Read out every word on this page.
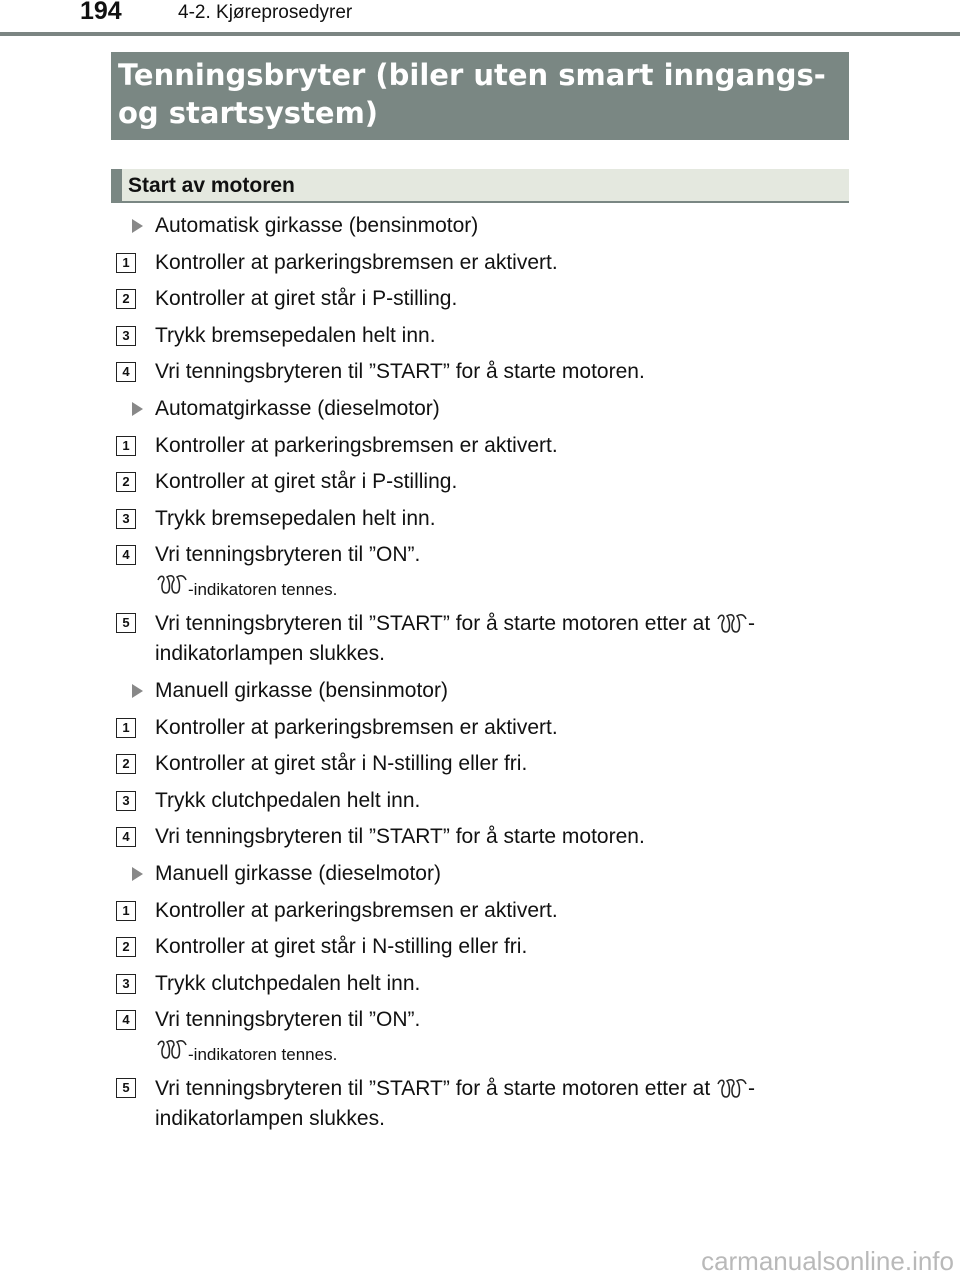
194	4-2. Kjøreprosedyrer
Tenningsbryter (biler uten smart inngangs- og startsystem)
Start av motoren
Automatisk girkasse (bensinmotor)
1	Kontroller at parkeringsbremsen er aktivert.
2	Kontroller at giret står i P-stilling.
3	Trykk bremsepedalen helt inn.
4	Vri tenningsbryteren til ”START” for å starte motoren.
Automatgirkasse (dieselmotor)
1	Kontroller at parkeringsbremsen er aktivert.
2	Kontroller at giret står i P-stilling.
3	Trykk bremsepedalen helt inn.
4	Vri tenningsbryteren til ”ON”.
-indikatoren tennes.
5	Vri tenningsbryteren til ”START” for å starte motoren etter at -
indikatorlampen slukkes.
Manuell girkasse (bensinmotor)
1	Kontroller at parkeringsbremsen er aktivert.
2	Kontroller at giret står i N-stilling eller fri.
3	Trykk clutchpedalen helt inn.
4	Vri tenningsbryteren til ”START” for å starte motoren.
Manuell girkasse (dieselmotor)
1	Kontroller at parkeringsbremsen er aktivert.
2	Kontroller at giret står i N-stilling eller fri.
3	Trykk clutchpedalen helt inn.
4	Vri tenningsbryteren til ”ON”.
-indikatoren tennes.
5	Vri tenningsbryteren til ”START” for å starte motoren etter at -
indikatorlampen slukkes.
carmanualsonline.info
